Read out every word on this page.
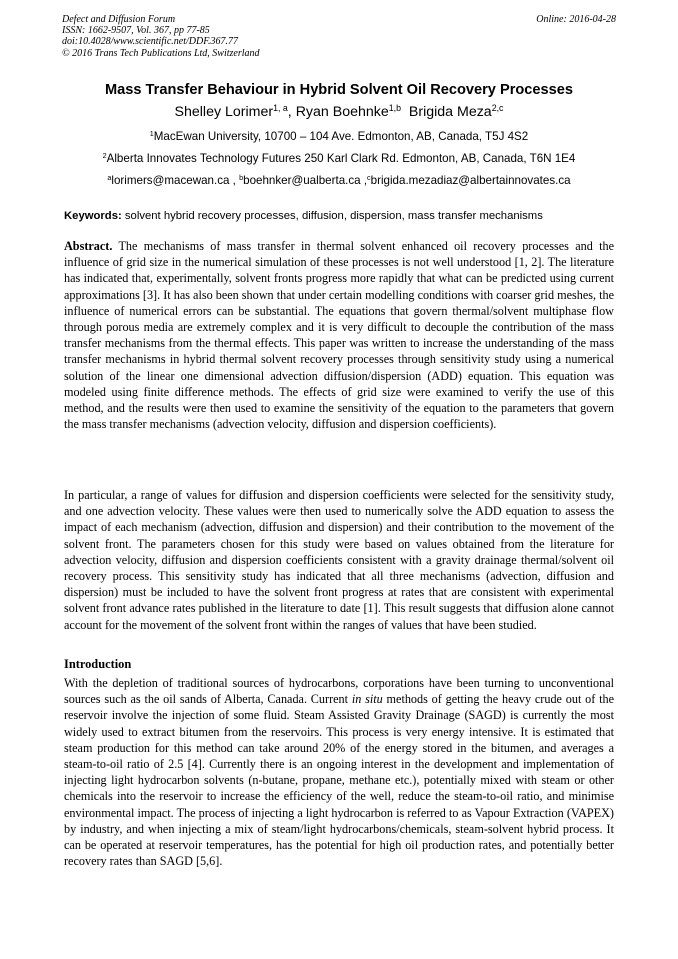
Defect and Diffusion Forum
ISSN: 1662-9507, Vol. 367, pp 77-85
doi:10.4028/www.scientific.net/DDF.367.77
© 2016 Trans Tech Publications Ltd, Switzerland
Online: 2016-04-28
Mass Transfer Behaviour in Hybrid Solvent Oil Recovery Processes
Shelley Lorimer$^{1, a}$, Ryan Boehnke$^{1,b}$ Brigida Meza$^{2,c}$
$^1$MacEwan University, 10700 – 104 Ave. Edmonton, AB, Canada, T5J 4S2
$^2$Alberta Innovates Technology Futures 250 Karl Clark Rd. Edmonton, AB, Canada, T6N 1E4
$^a$lorimers@macewan.ca , $^b$boehnker@ualberta.ca ,$^c$brigida.mezadiaz@albertainnovates.ca
Keywords: solvent hybrid recovery processes, diffusion, dispersion, mass transfer mechanisms
Abstract. The mechanisms of mass transfer in thermal solvent enhanced oil recovery processes and the influence of grid size in the numerical simulation of these processes is not well understood [1, 2]. The literature has indicated that, experimentally, solvent fronts progress more rapidly that what can be predicted using current approximations [3]. It has also been shown that under certain modelling conditions with coarser grid meshes, the influence of numerical errors can be substantial. The equations that govern thermal/solvent multiphase flow through porous media are extremely complex and it is very difficult to decouple the contribution of the mass transfer mechanisms from the thermal effects. This paper was written to increase the understanding of the mass transfer mechanisms in hybrid thermal solvent recovery processes through sensitivity study using a numerical solution of the linear one dimensional advection diffusion/dispersion (ADD) equation. This equation was modeled using finite difference methods. The effects of grid size were examined to verify the use of this method, and the results were then used to examine the sensitivity of the equation to the parameters that govern the mass transfer mechanisms (advection velocity, diffusion and dispersion coefficients).
In particular, a range of values for diffusion and dispersion coefficients were selected for the sensitivity study, and one advection velocity. These values were then used to numerically solve the ADD equation to assess the impact of each mechanism (advection, diffusion and dispersion) and their contribution to the movement of the solvent front. The parameters chosen for this study were based on values obtained from the literature for advection velocity, diffusion and dispersion coefficients consistent with a gravity drainage thermal/solvent oil recovery process. This sensitivity study has indicated that all three mechanisms (advection, diffusion and dispersion) must be included to have the solvent front progress at rates that are consistent with experimental solvent front advance rates published in the literature to date [1]. This result suggests that diffusion alone cannot account for the movement of the solvent front within the ranges of values that have been studied.
Introduction
With the depletion of traditional sources of hydrocarbons, corporations have been turning to unconventional sources such as the oil sands of Alberta, Canada. Current in situ methods of getting the heavy crude out of the reservoir involve the injection of some fluid. Steam Assisted Gravity Drainage (SAGD) is currently the most widely used to extract bitumen from the reservoirs. This process is very energy intensive. It is estimated that steam production for this method can take around 20% of the energy stored in the bitumen, and averages a steam-to-oil ratio of 2.5 [4]. Currently there is an ongoing interest in the development and implementation of injecting light hydrocarbon solvents (n-butane, propane, methane etc.), potentially mixed with steam or other chemicals into the reservoir to increase the efficiency of the well, reduce the steam-to-oil ratio, and minimise environmental impact. The process of injecting a light hydrocarbon is referred to as Vapour Extraction (VAPEX) by industry, and when injecting a mix of steam/light hydrocarbons/chemicals, steam-solvent hybrid process. It can be operated at reservoir temperatures, has the potential for high oil production rates, and potentially better recovery rates than SAGD [5,6].
